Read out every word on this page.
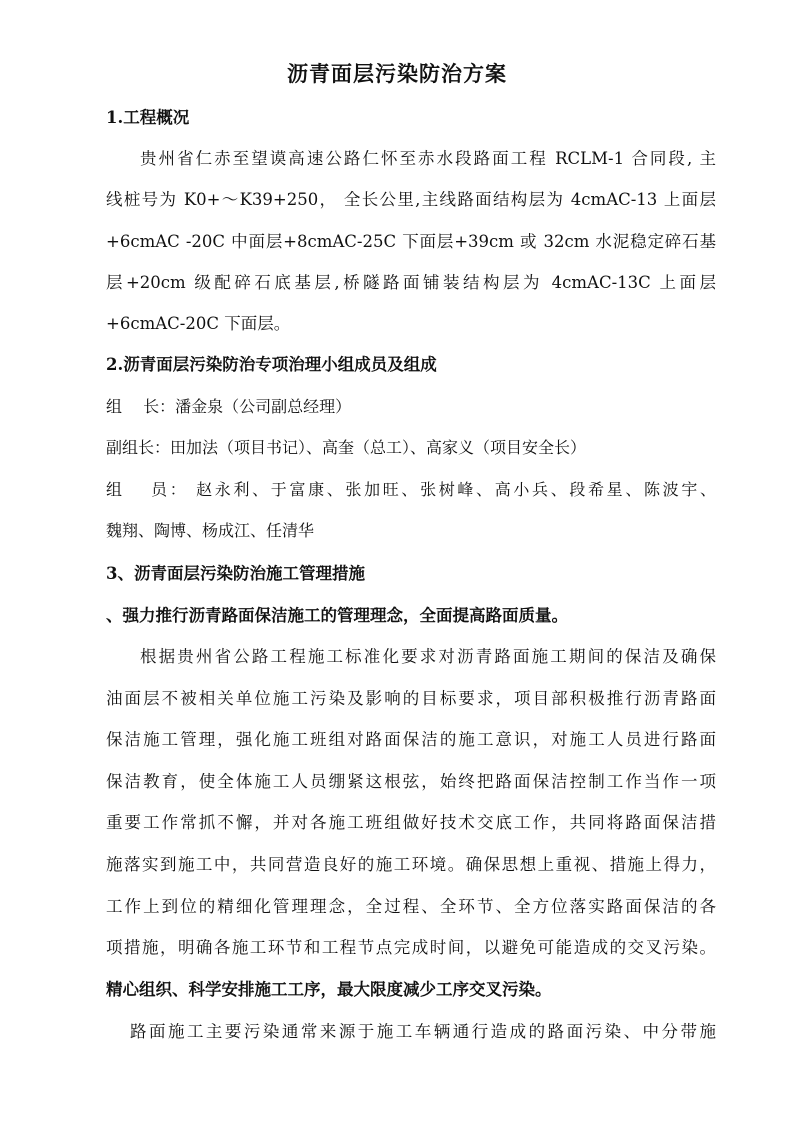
沥青面层污染防治方案
1.工程概况
贵州省仁赤至望谟高速公路仁怀至赤水段路面工程 RCLM-1 合同段, 主
线桩号为 K0+～K39+250， 全长公里,主线路面结构层为 4cmAC-13 上面层
+6cmAC -20C 中面层+8cmAC-25C 下面层+39cm 或 32cm 水泥稳定碎石基
层+20cm 级配碎石底基层,桥隧路面铺装结构层为 4cmAC-13C 上面层
+6cmAC-20C 下面层。
2.沥青面层污染防治专项治理小组成员及组成
组　 长：潘金泉（公司副总经理）
副组长：田加法（项目书记）、高奎（总工）、高家义（项目安全长）
组　 员： 赵永利、于富康、张加旺、张树峰、高小兵、段希星、陈波宇、
魏翔、陶博、杨成江、任清华
3、沥青面层污染防治施工管理措施
、强力推行沥青路面保洁施工的管理理念，全面提高路面质量。
根据贵州省公路工程施工标准化要求对沥青路面施工期间的保洁及确保
油面层不被相关单位施工污染及影响的目标要求，项目部积极推行沥青路面
保洁施工管理，强化施工班组对路面保洁的施工意识，对施工人员进行路面
保洁教育，使全体施工人员绷紧这根弦，始终把路面保洁控制工作当作一项
重要工作常抓不懈，并对各施工班组做好技术交底工作，共同将路面保洁措
施落实到施工中，共同营造良好的施工环境。确保思想上重视、措施上得力，
工作上到位的精细化管理理念，全过程、全环节、全方位落实路面保洁的各
项措施，明确各施工环节和工程节点完成时间，以避免可能造成的交叉污染。
精心组织、科学安排施工工序，最大限度减少工序交叉污染。
路面施工主要污染通常来源于施工车辆通行造成的路面污染、中分带施
